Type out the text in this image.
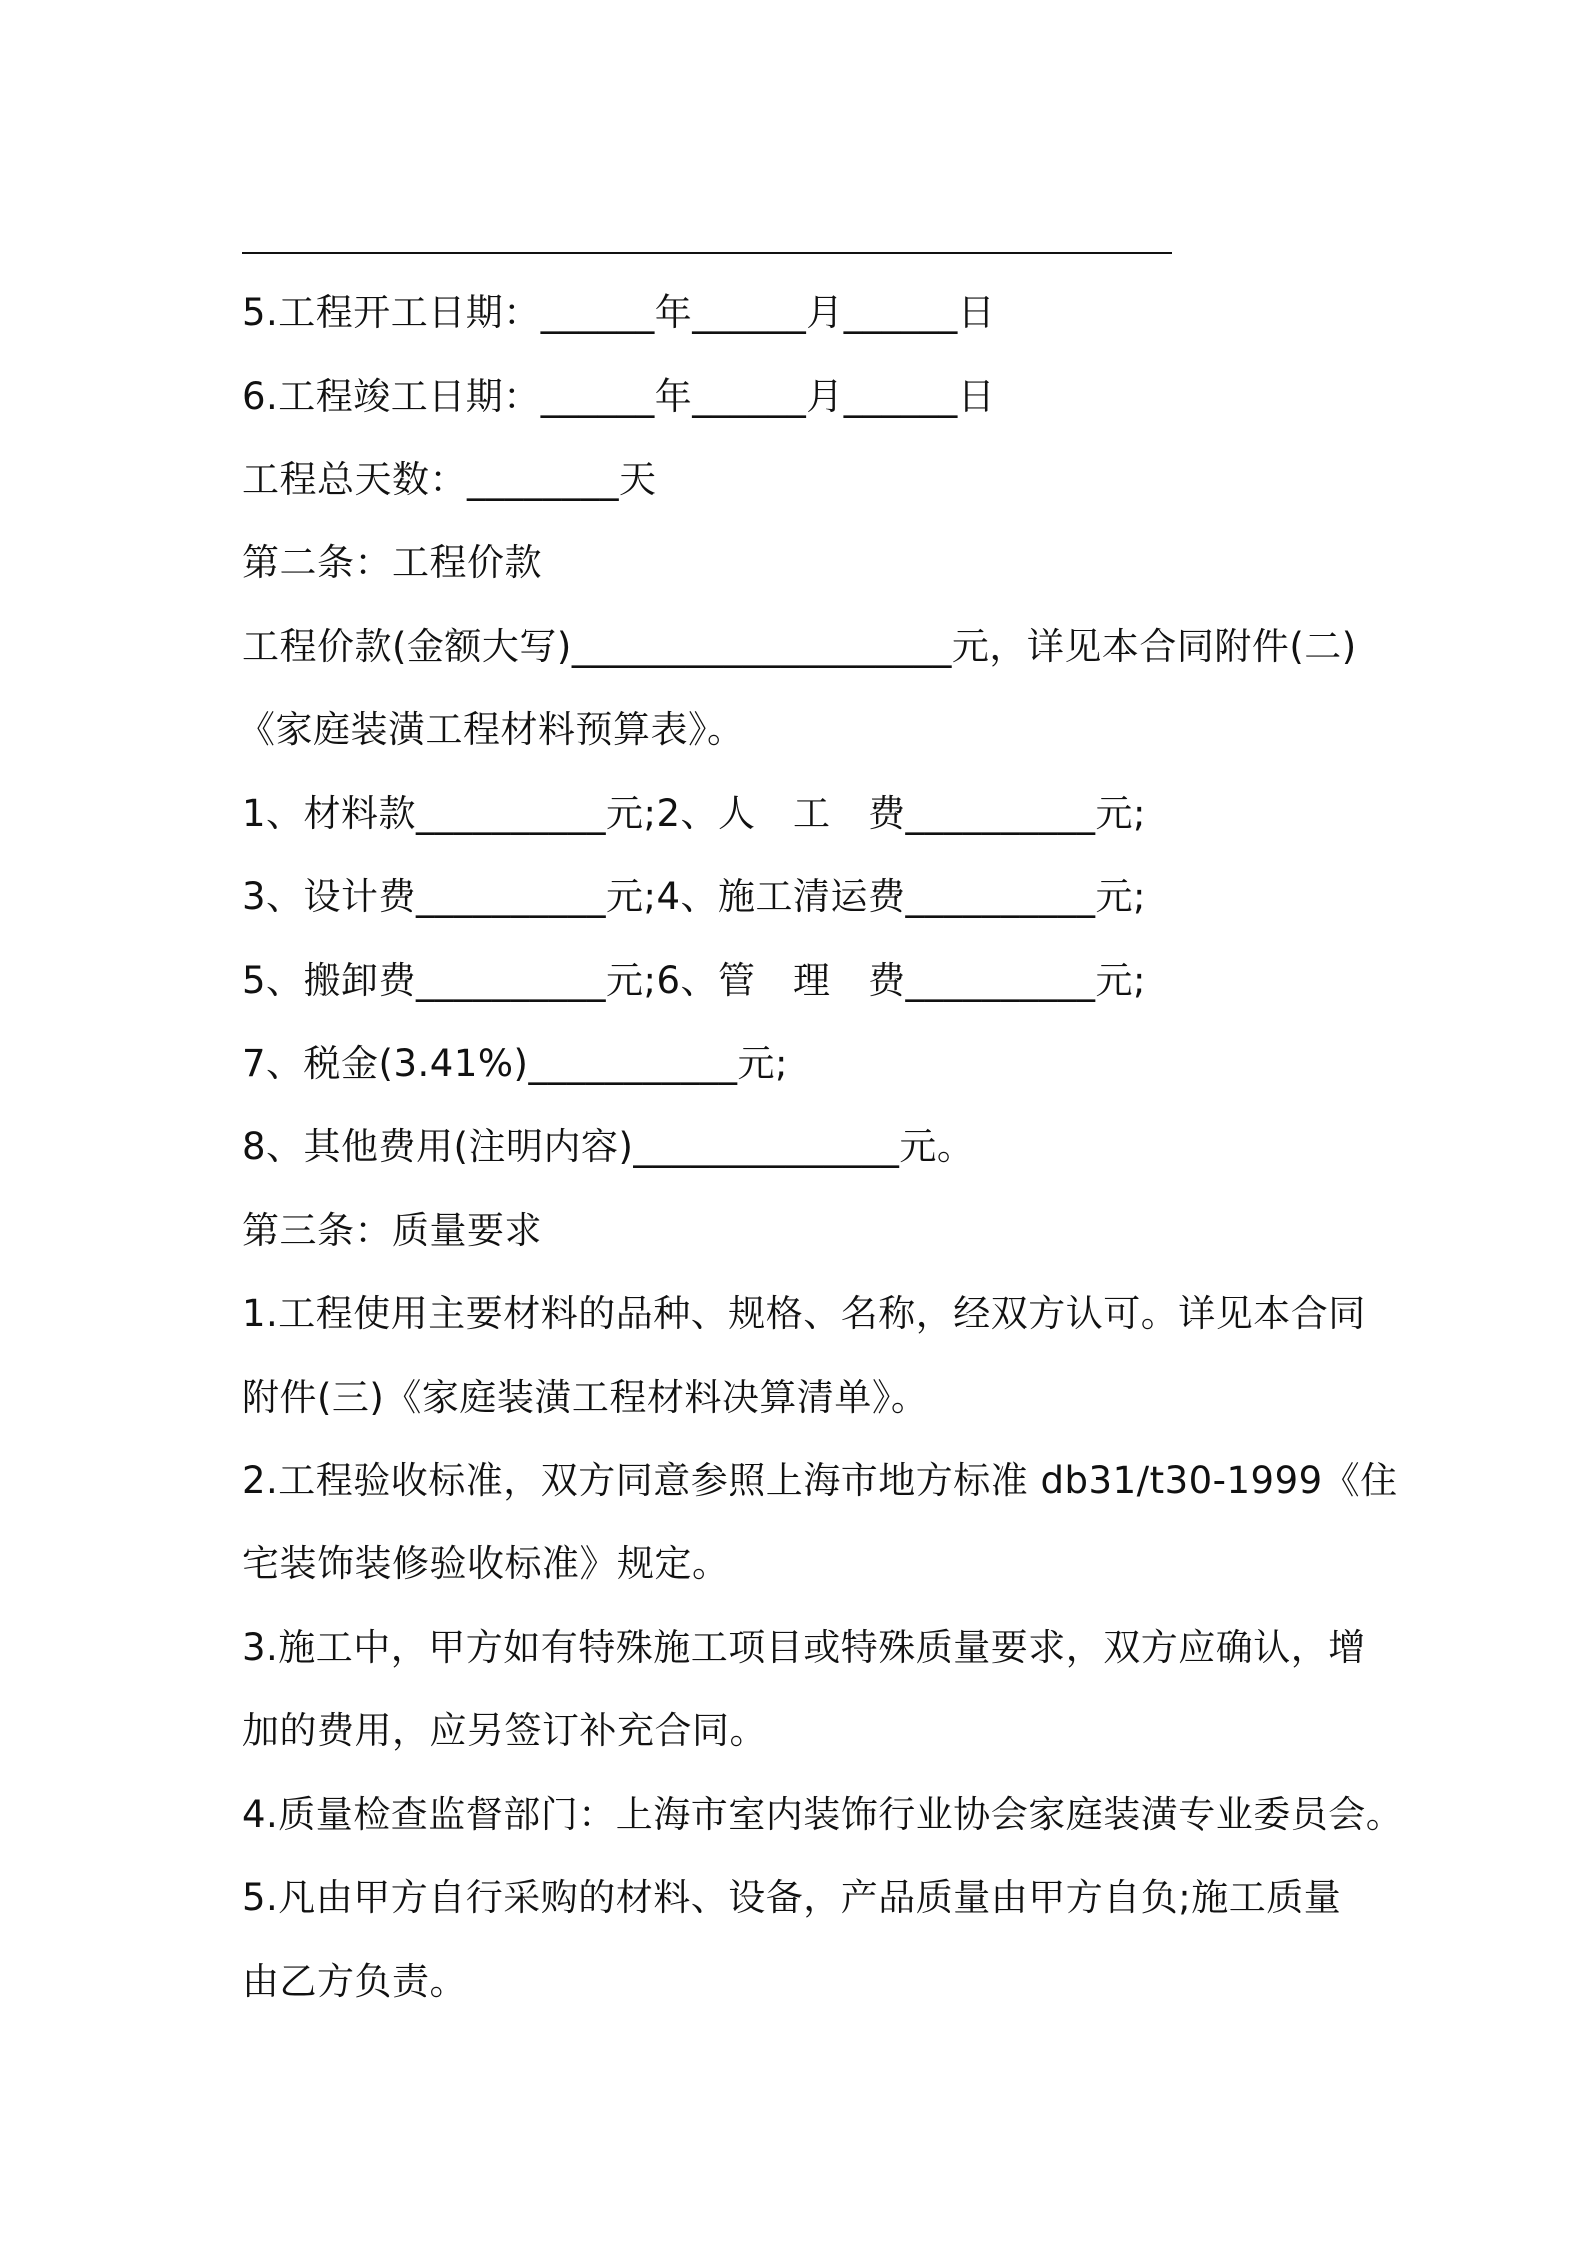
5.工程开工日期：______年______月______日
6.工程竣工日期：______年______月______日
工程总天数：________天
第二条：工程价款
工程价款(金额大写)____________________元，详见本合同附件(二)
《家庭装潢工程材料预算表》。
1、材料款__________元;2、人　工　费__________元;
3、设计费__________元;4、施工清运费__________元;
5、搬卸费__________元;6、管　理　费__________元;
7、税金(3.41%)___________元;
8、其他费用(注明内容)______________元。
第三条：质量要求
1.工程使用主要材料的品种、规格、名称，经双方认可。详见本合同
附件(三)《家庭装潢工程材料决算清单》。
2.工程验收标准，双方同意参照上海市地方标准 db31/t30-1999《住
宅装饰装修验收标准》规定。
3.施工中，甲方如有特殊施工项目或特殊质量要求，双方应确认，增
加的费用，应另签订补充合同。
4.质量检查监督部门：上海市室内装饰行业协会家庭装潢专业委员会。
5.凡由甲方自行采购的材料、设备，产品质量由甲方自负;施工质量
由乙方负责。
